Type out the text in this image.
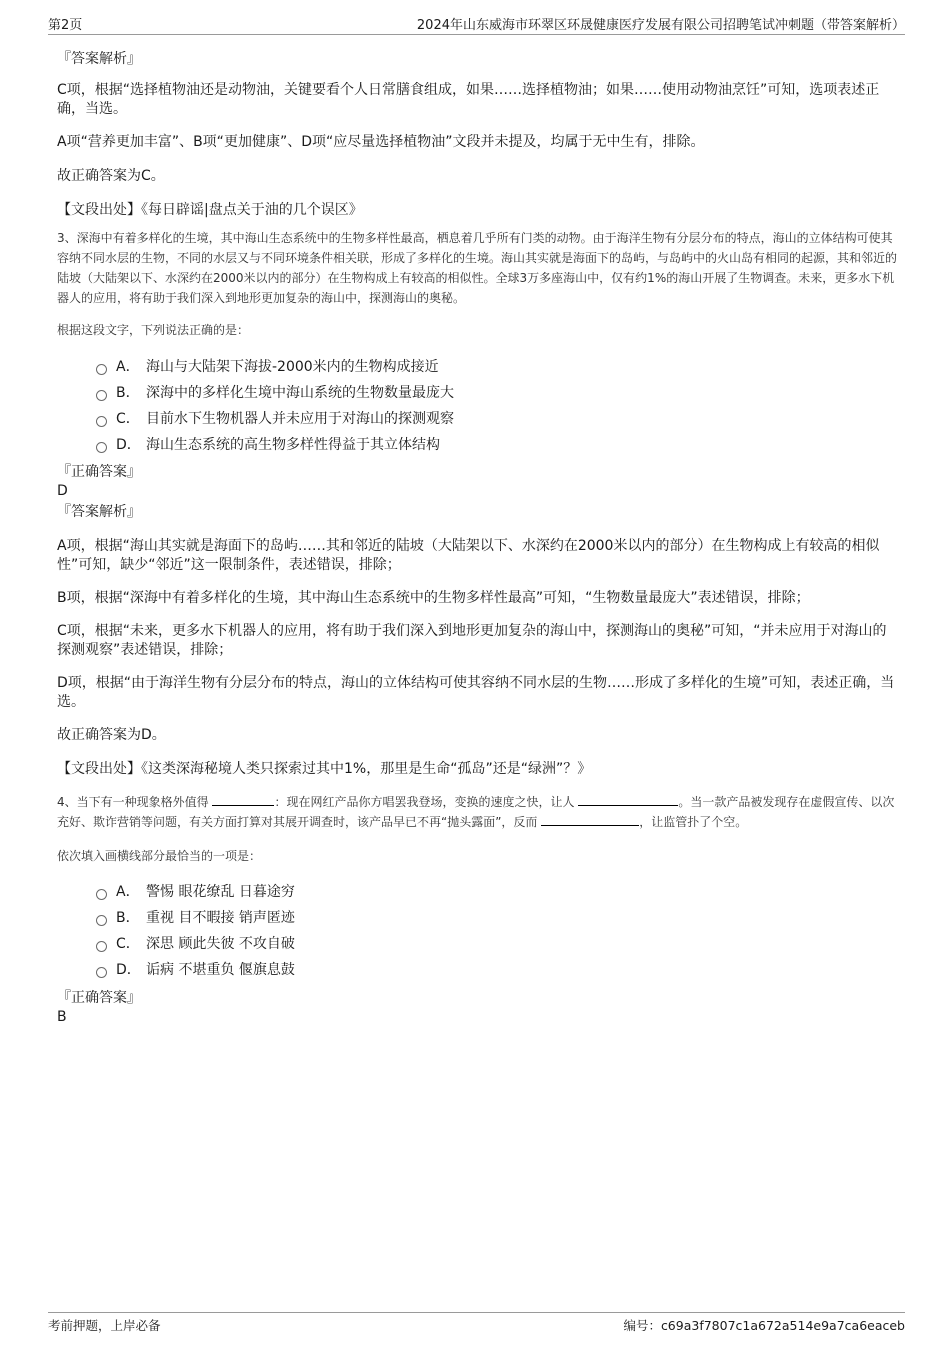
第2页	2024年山东威海市环翠区环晟健康医疗发展有限公司招聘笔试冲刺题（带答案解析）
『答案解析』
C项，根据“选择植物油还是动物油，关键要看个人日常膳食组成，如果……选择植物油；如果……使用动物油烹饪”可知，选项表述正确，当选。
A项“营养更加丰富”、B项“更加健康”、D项“应尽量选择植物油”文段并未提及，均属于无中生有，排除。
故正确答案为C。
【文段出处】《每日辟谣|盘点关于油的几个误区》
3、深海中有着多样化的生境，其中海山生态系统中的生物多样性最高，栖息着几乎所有门类的动物。由于海洋生物有分层分布的特点，海山的立体结构可使其容纳不同水层的生物，不同的水层又与不同环境条件相关联，形成了多样化的生境。海山其实就是海面下的岛屿，与岛屿中的火山岛有相同的起源，其和邻近的陆坡（大陆架以下、水深约在2000米以内的部分）在生物构成上有较高的相似性。全球3万多座海山中，仅有约1%的海山开展了生物调查。未来，更多水下机器人的应用，将有助于我们深入到地形更加复杂的海山中，探测海山的奥秘。
根据这段文字，下列说法正确的是：
A． 海山与大陆架下海拔-2000米内的生物构成接近
B． 深海中的多样化生境中海山系统的生物数量最庞大
C． 目前水下生物机器人并未应用于对海山的探测观察
D． 海山生态系统的高生物多样性得益于其立体结构
『正确答案』
D
『答案解析』
A项，根据“海山其实就是海面下的岛屿……其和邻近的陆坡（大陆架以下、水深约在2000米以内的部分）在生物构成上有较高的相似性”可知，缺少“邻近”这一限制条件，表述错误，排除；
B项，根据“深海中有着多样化的生境，其中海山生态系统中的生物多样性最高”可知，“生物数量最庞大”表述错误，排除；
C项，根据“未来，更多水下机器人的应用，将有助于我们深入到地形更加复杂的海山中，探测海山的奥秘”可知，“并未应用于对海山的探测观察”表述错误，排除；
D项，根据“由于海洋生物有分层分布的特点，海山的立体结构可使其容纳不同水层的生物……形成了多样化的生境”可知，表述正确，当选。
故正确答案为D。
【文段出处】《这类深海秘境人类只探索过其中1%，那里是生命“孤岛”还是“绿洲”？》
4、当下有一种现象格外值得	：现在网红产品你方唱罢我登场，变换的速度之快，让人	。当一款产品被发现存在虚假宣传、以次充好、欺诈营销等问题，有关方面打算对其展开调查时，该产品早已不再“抛头露面”，反而	，让监管扑了个空。
依次填入画横线部分最恰当的一项是：
A． 警惕 眼花缭乱 日暮途穷
B． 重视 目不暇接 销声匿迹
C． 深思 顾此失彼 不攻自破
D． 诟病 不堪重负 偃旗息鼓
『正确答案』
B
考前押题，上岸必备	编号：c69a3f7807c1a672a514e9a7ca6eaceb
